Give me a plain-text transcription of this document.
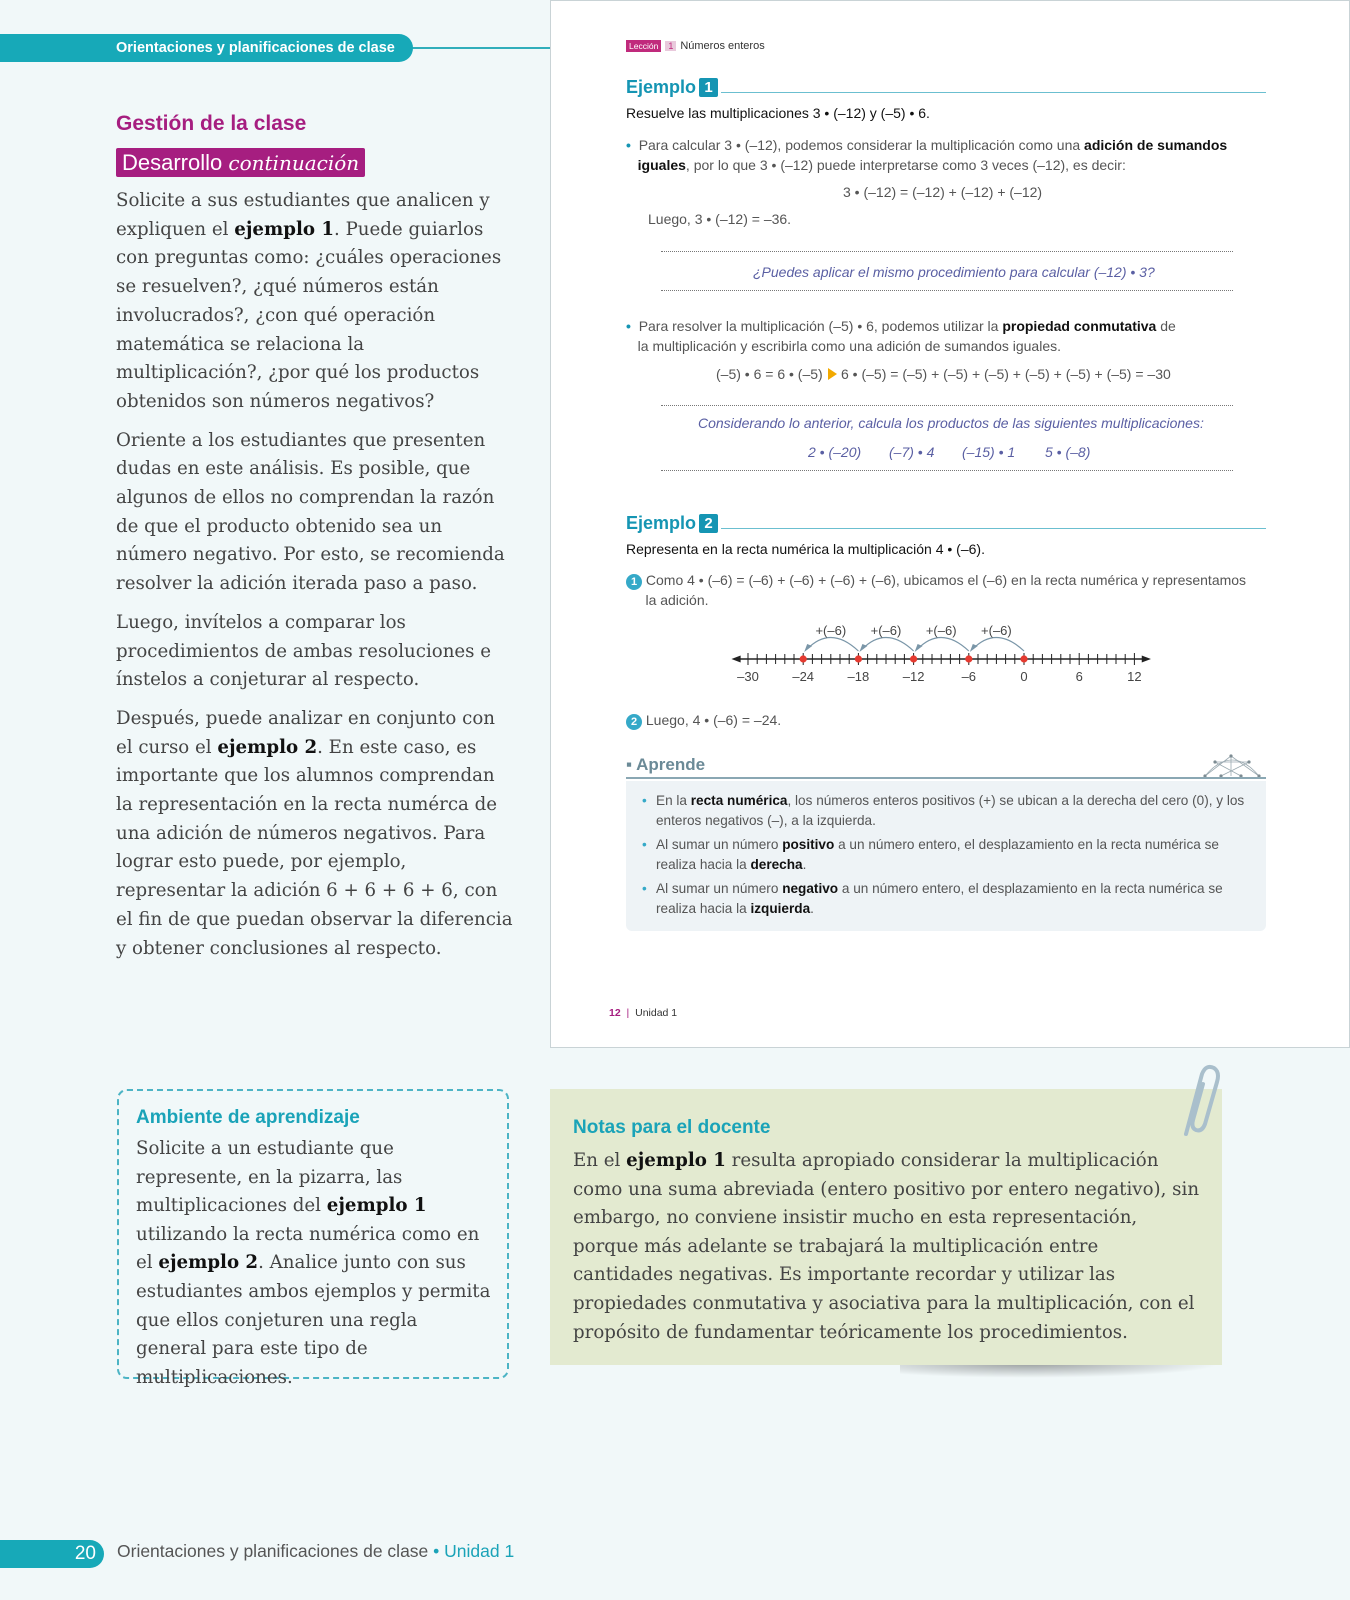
Orientaciones y planificaciones de clase
Gestión de la clase
Desarrollo continuación

Solicite a sus estudiantes que analicen y expliquen el ejemplo 1. Puede guiarlos con preguntas como: ¿cuáles operaciones se resuelven?, ¿qué números están involucrados?, ¿con qué operación matemática se relaciona la multiplicación?, ¿por qué los productos obtenidos son números negativos?

Oriente a los estudiantes que presenten dudas en este análisis. Es posible, que algunos de ellos no comprendan la razón de que el producto obtenido sea un número negativo. Por esto, se recomienda resolver la adición iterada paso a paso.

Luego, invítelos a comparar los procedimientos de ambas resoluciones e ínstelos a conjeturar al respecto.

Después, puede analizar en conjunto con el curso el ejemplo 2. En este caso, es importante que los alumnos comprendan la representación en la recta numérca de una adición de números negativos. Para lograr esto puede, por ejemplo, representar la adición 6 + 6 + 6 + 6, con el fin de que puedan observar la diferencia y obtener conclusiones al respecto.

Lección	1 Números enteros
Ejemplo 1
Resuelve las multiplicaciones 3 • (–12) y (–5) • 6.
• Para calcular 3 • (–12), podemos considerar la multiplicación como una adición de sumandos
iguales, por lo que 3 • (–12) puede interpretarse como 3 veces (–12), es decir:
3 • (–12) = (–12) + (–12) + (–12)
Luego, 3 • (–12) = –36.
¿Puedes aplicar el mismo procedimiento para calcular (–12) • 3?
• Para resolver la multiplicación (–5) • 6, podemos utilizar la propiedad conmutativa de
la multiplicación y escribirla como una adición de sumandos iguales.
(–5) • 6 = 6 • (–5) 6 • (–5) = (–5) + (–5) + (–5) + (–5) + (–5) + (–5) = –30
Considerando lo anterior, calcula los productos de las siguientes multiplicaciones:
2 • (–20) (–7) • 4 (–15) • 1 5 • (–8)
Ejemplo 2
Representa en la recta numérica la multiplicación 4 • (–6).
1 Como 4 • (–6) = (–6) + (–6) + (–6) + (–6), ubicamos el (–6) en la recta numérica y representamos
la adición.
–30	–24	–18	–12	–6	0	6	12
+(–6)
+(–6)
+(–6)
+(–6)
2 Luego, 4 • (–6) = –24.
▪ Aprende
• En la recta numérica, los números enteros positivos (+) se ubican a la derecha del cero (0), y los enteros negativos (–), a la izquierda.
• Al sumar un número positivo a un número entero, el desplazamiento en la recta numérica se realiza hacia la derecha.
• Al sumar un número negativo a un número entero, el desplazamiento en la recta numérica se realiza hacia la izquierda.
12 | Unidad 1
Ambiente de aprendizaje

Solicite a un estudiante que represente, en la pizarra, las multiplicaciones del ejemplo 1 utilizando la recta numérica como en el ejemplo 2. Analice junto con sus estudiantes ambos ejemplos y permita que ellos conjeturen una regla general para este tipo de multiplicaciones.

Notas para el docente

En el ejemplo 1 resulta apropiado considerar la multiplicación como una suma abreviada (entero positivo por entero negativo), sin embargo, no conviene insistir mucho en esta representación, porque más adelante se trabajará la multiplicación entre cantidades negativas. Es importante recordar y utilizar las propiedades conmutativa y asociativa para la multiplicación, con el propósito de fundamentar teóricamente los procedimientos.

20	Orientaciones y planificaciones de clase • Unidad 1
